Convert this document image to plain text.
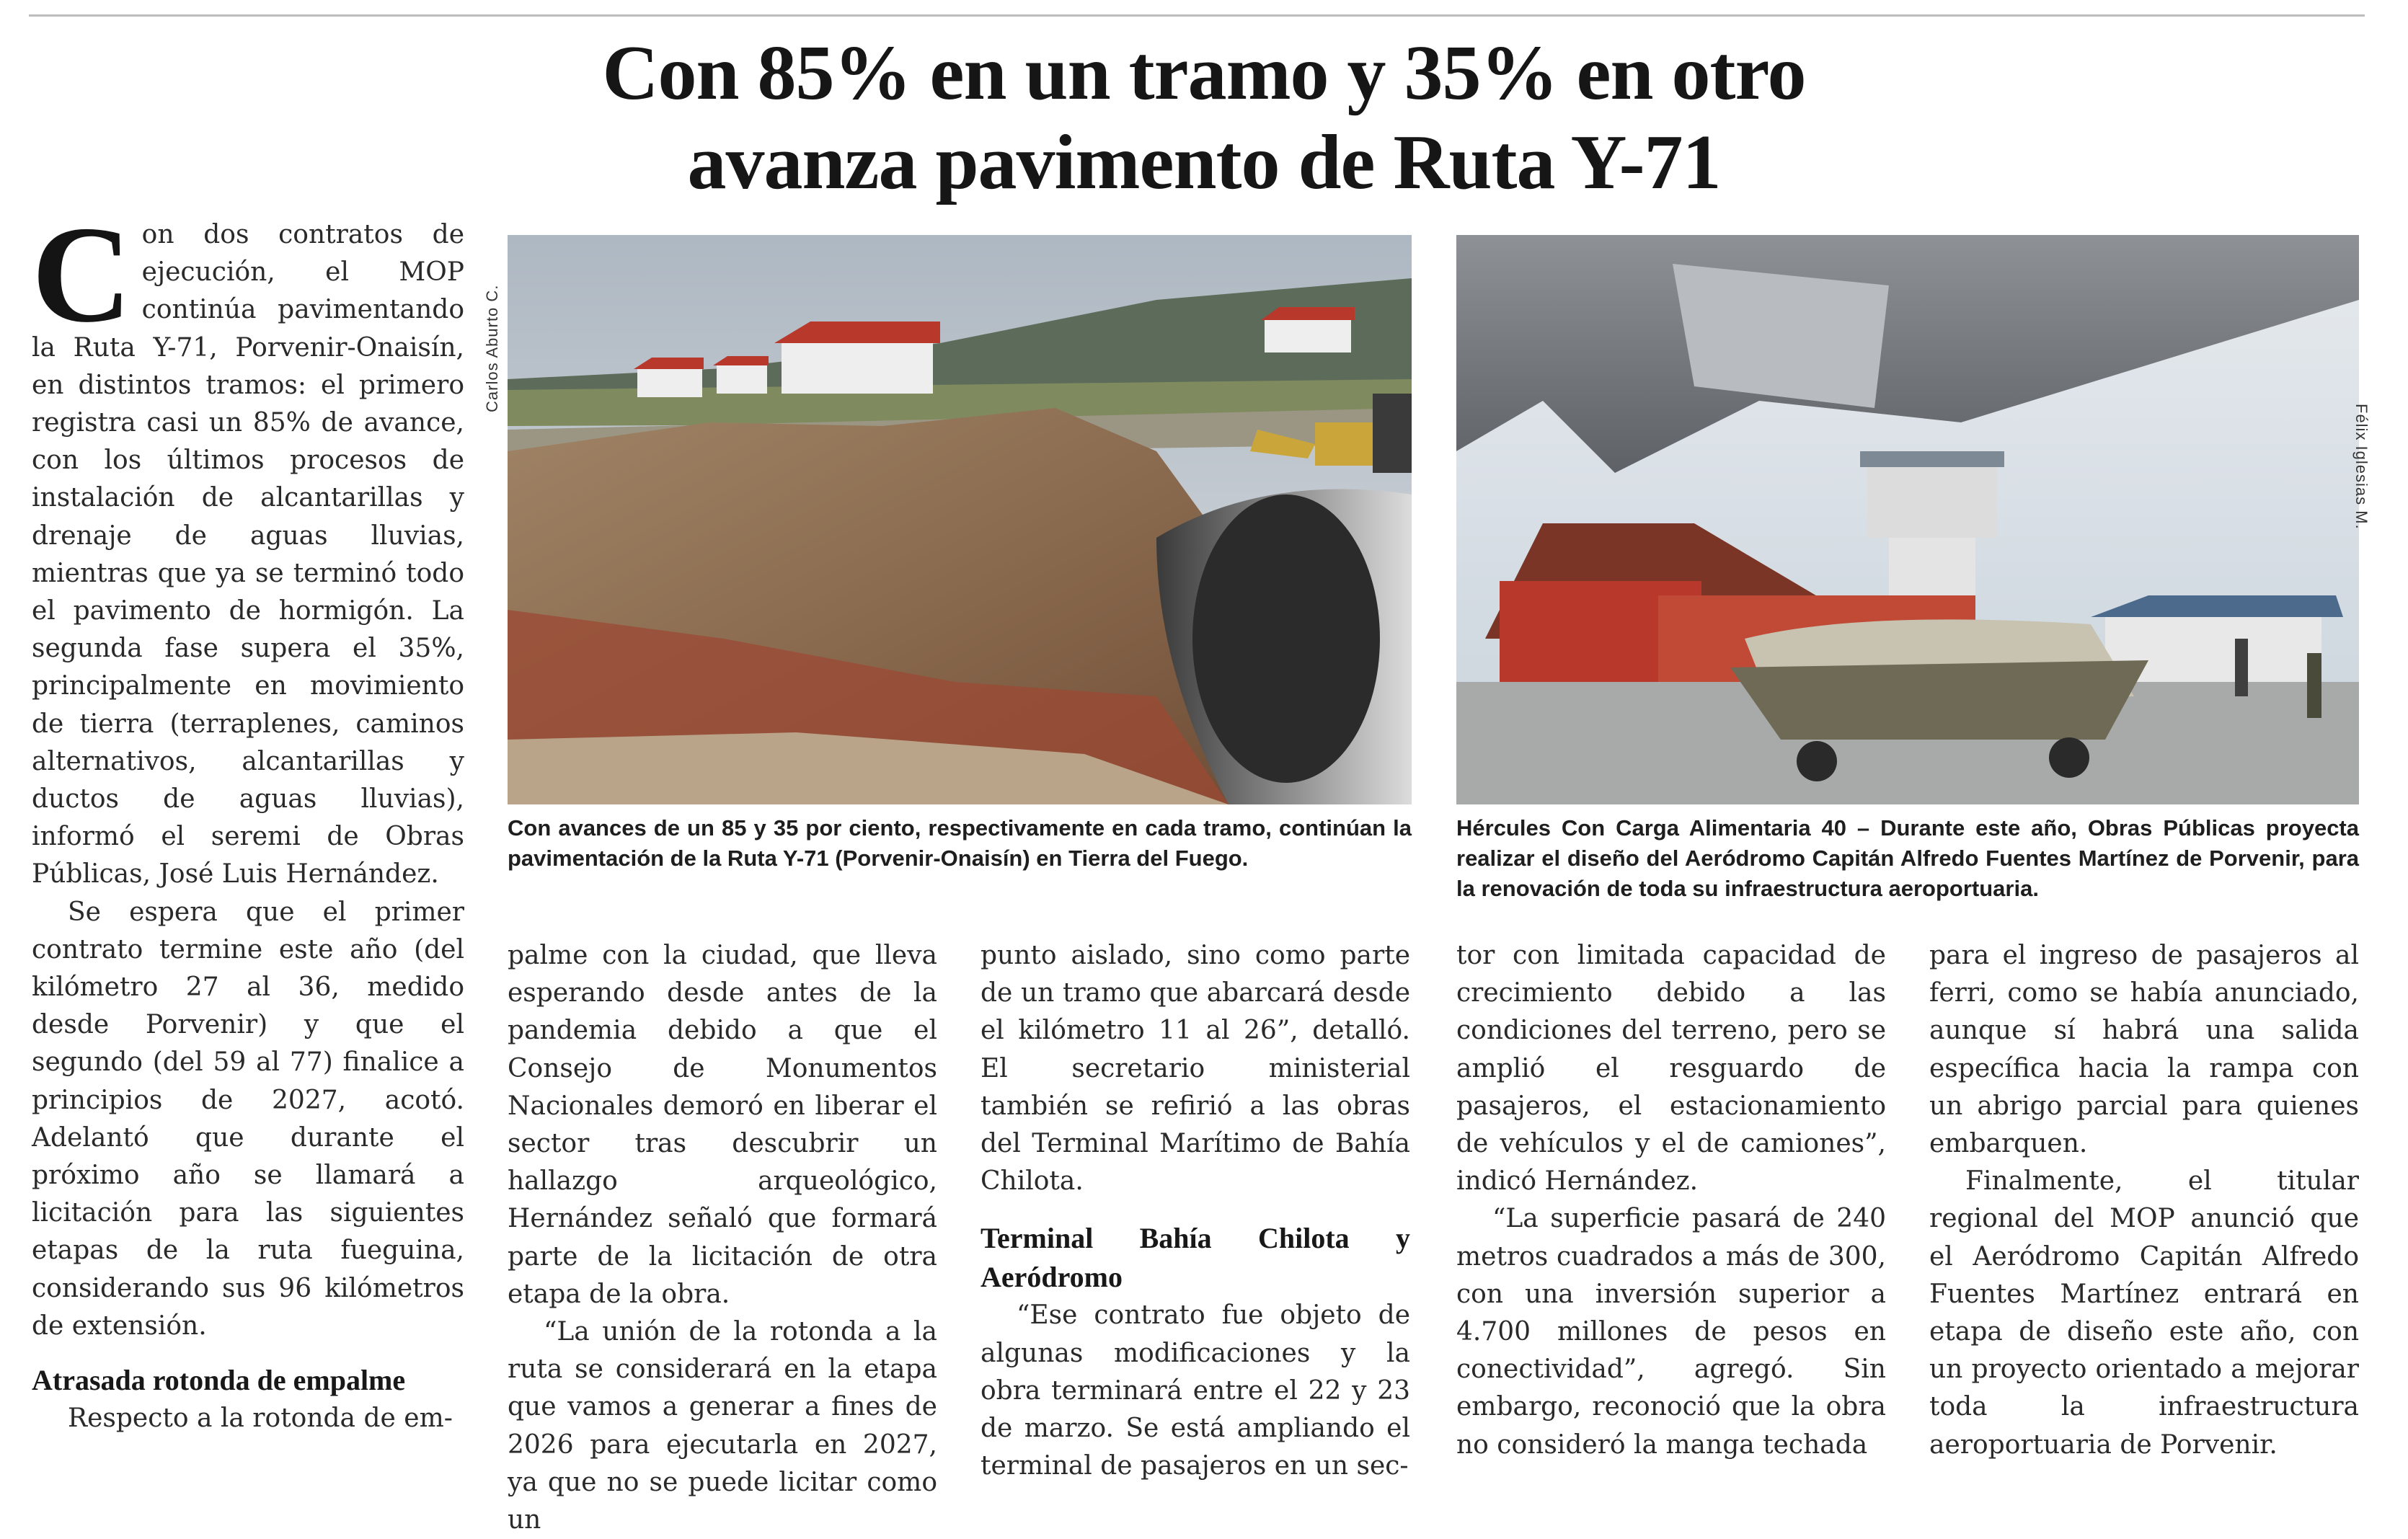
Con 85% en un tramo y 35% en otro
avanza pavimento de Ruta Y-71

Con dos contratos de ejecución, el MOP continúa pavimentando la Ruta Y-71, Porvenir-Onaisín, en distintos tramos: el primero registra casi un 85% de avance, con los últimos procesos de instalación de alcantarillas y drenaje de aguas lluvias, mientras que ya se terminó todo el pavimento de hormigón. La segunda fase supera el 35%, principalmente en movimiento de tierra (terraplenes, caminos alternativos, alcantarillas y ductos de aguas lluvias), informó el seremi de Obras Públicas, José Luis Hernández.

Se espera que el primer contrato termine este año (del kilómetro 27 al 36, medido desde Porvenir) y que el segundo (del 59 al 77) finalice a principios de 2027, acotó. Adelantó que durante el próximo año se llamará a licitación para las siguientes etapas de la ruta fueguina, considerando sus 96 kilómetros de extensión.

Atrasada rotonda de empalme

Respecto a la rotonda de em-

Carlos Aburto C.

Con avances de un 85 y 35 por ciento, respectivamente en cada tramo, continúan la pavimentación de la Ruta Y-71 (Porvenir-Onaisín) en Tierra del Fuego.

Félix Iglesias M.

Hércules Con Carga Alimentaria 40 – Durante este año, Obras Públicas proyecta realizar el diseño del Aeródromo Capitán Alfredo Fuentes Martínez de Porvenir, para la renovación de toda su infraestructura aeroportuaria.

palme con la ciudad, que lleva esperando desde antes de la pandemia debido a que el Consejo de Monumentos Nacionales demoró en liberar el sector tras descubrir un hallazgo arqueológico, Hernández señaló que formará parte de la licitación de otra etapa de la obra.

“La unión de la rotonda a la ruta se considerará en la etapa que vamos a generar a fines de 2026 para ejecutarla en 2027, ya que no se puede licitar como un

punto aislado, sino como parte de un tramo que abarcará desde el kilómetro 11 al 26”, detalló. El secretario ministerial también se refirió a las obras del Terminal Marítimo de Bahía Chilota.

Terminal Bahía Chilota y Aeródromo

“Ese contrato fue objeto de algunas modificaciones y la obra terminará entre el 22 y 23 de marzo. Se está ampliando el terminal de pasajeros en un sec-

tor con limitada capacidad de crecimiento debido a las condiciones del terreno, pero se amplió el resguardo de pasajeros, el estacionamiento de vehículos y el de camiones”, indicó Hernández.

“La superficie pasará de 240 metros cuadrados a más de 300, con una inversión superior a 4.700 millones de pesos en conectividad”, agregó. Sin embargo, reconoció que la obra no consideró la manga techada

para el ingreso de pasajeros al ferri, como se había anunciado, aunque sí habrá una salida específica hacia la rampa con un abrigo parcial para quienes embarquen.

Finalmente, el titular regional del MOP anunció que el Aeródromo Capitán Alfredo Fuentes Martínez entrará en etapa de diseño este año, con un proyecto orientado a mejorar toda la infraestructura aeroportuaria de Porvenir.
